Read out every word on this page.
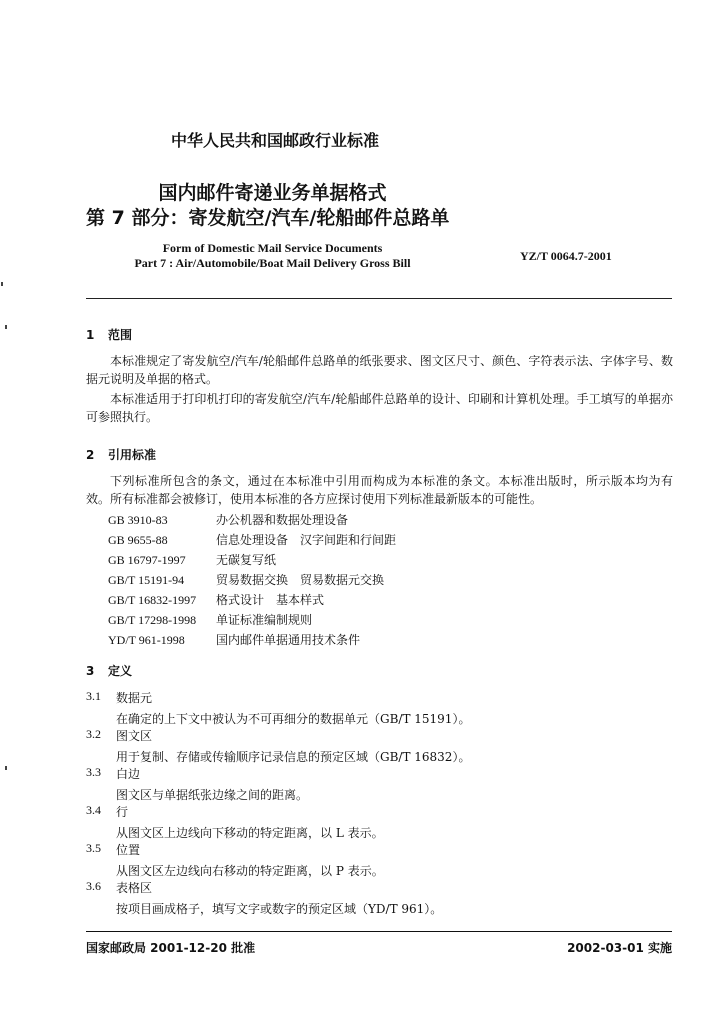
中华人民共和国邮政行业标准
国内邮件寄递业务单据格式
第 7 部分：寄发航空/汽车/轮船邮件总路单
Form of Domestic Mail Service Documents
Part 7 : Air/Automobile/Boat Mail Delivery Gross Bill	YZ/T 0064.7-2001
1 范围
本标准规定了寄发航空/汽车/轮船邮件总路单的纸张要求、图文区尺寸、颜色、字符表示法、字体字号、数据元说明及单据的格式。
本标准适用于打印机打印的寄发航空/汽车/轮船邮件总路单的设计、印刷和计算机处理。手工填写的单据亦可参照执行。
2 引用标准
下列标准所包含的条文，通过在本标准中引用而构成为本标准的条文。本标准出版时，所示版本均为有效。所有标准都会被修订，使用本标准的各方应探讨使用下列标准最新版本的可能性。
GB 3910-83	办公机器和数据处理设备
GB 9655-88	信息处理设备　汉字间距和行间距
GB 16797-1997	无碳复写纸
GB/T 15191-94	贸易数据交换　贸易数据元交换
GB/T 16832-1997	格式设计　基本样式
GB/T 17298-1998	单证标准编制规则
YD/T 961-1998	国内邮件单据通用技术条件
3 定义
3.1	数据元
在确定的上下文中被认为不可再细分的数据单元（GB/T 15191）。
3.2	图文区
用于复制、存储或传输顺序记录信息的预定区域（GB/T 16832）。
3.3	白边
图文区与单据纸张边缘之间的距离。
3.4	行
从图文区上边线向下移动的特定距离，以 L 表示。
3.5	位置
从图文区左边线向右移动的特定距离，以 P 表示。
3.6	表格区
按项目画成格子，填写文字或数字的预定区域（YD/T 961）。
国家邮政局 2001-12-20 批准	2002-03-01 实施
